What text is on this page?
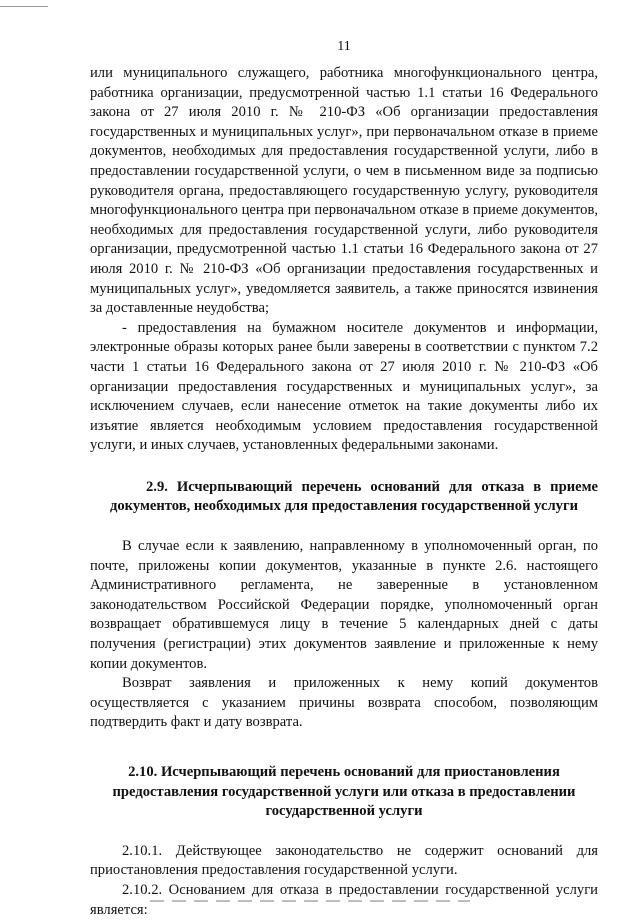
11

или муниципального служащего, работника многофункционального центра, работника организации, предусмотренной частью 1.1 статьи 16 Федерального закона от 27 июля 2010 г. № 210-ФЗ «Об организации предоставления государственных и муниципальных услуг», при первоначальном отказе в приеме документов, необходимых для предоставления государственной услуги, либо в предоставлении государственной услуги, о чем в письменном виде за подписью руководителя органа, предоставляющего государственную услугу, руководителя многофункционального центра при первоначальном отказе в приеме документов, необходимых для предоставления государственной услуги, либо руководителя организации, предусмотренной частью 1.1 статьи 16 Федерального закона от 27 июля 2010 г. № 210-ФЗ «Об организации предоставления государственных и муниципальных услуг», уведомляется заявитель, а также приносятся извинения за доставленные неудобства;

- предоставления на бумажном носителе документов и информации, электронные образы которых ранее были заверены в соответствии с пунктом 7.2 части 1 статьи 16 Федерального закона от 27 июля 2010 г. № 210-ФЗ «Об организации предоставления государственных и муниципальных услуг», за исключением случаев, если нанесение отметок на такие документы либо их изъятие является необходимым условием предоставления государственной услуги, и иных случаев, установленных федеральными законами.

2.9. Исчерпывающий перечень оснований для отказа в приеме документов, необходимых для предоставления государственной услуги

В случае если к заявлению, направленному в уполномоченный орган, по почте, приложены копии документов, указанные в пункте 2.6. настоящего Административного регламента, не заверенные в установленном законодательством Российской Федерации порядке, уполномоченный орган возвращает обратившемуся лицу в течение 5 календарных дней с даты получения (регистрации) этих документов заявление и приложенные к нему копии документов.

Возврат заявления и приложенных к нему копий документов осуществляется с указанием причины возврата способом, позволяющим подтвердить факт и дату возврата.

2.10. Исчерпывающий перечень оснований для приостановления предоставления государственной услуги или отказа в предоставлении государственной услуги

2.10.1. Действующее законодательство не содержит оснований для приостановления предоставления государственной услуги.

2.10.2. Основанием для отказа в предоставлении государственной услуги является:
